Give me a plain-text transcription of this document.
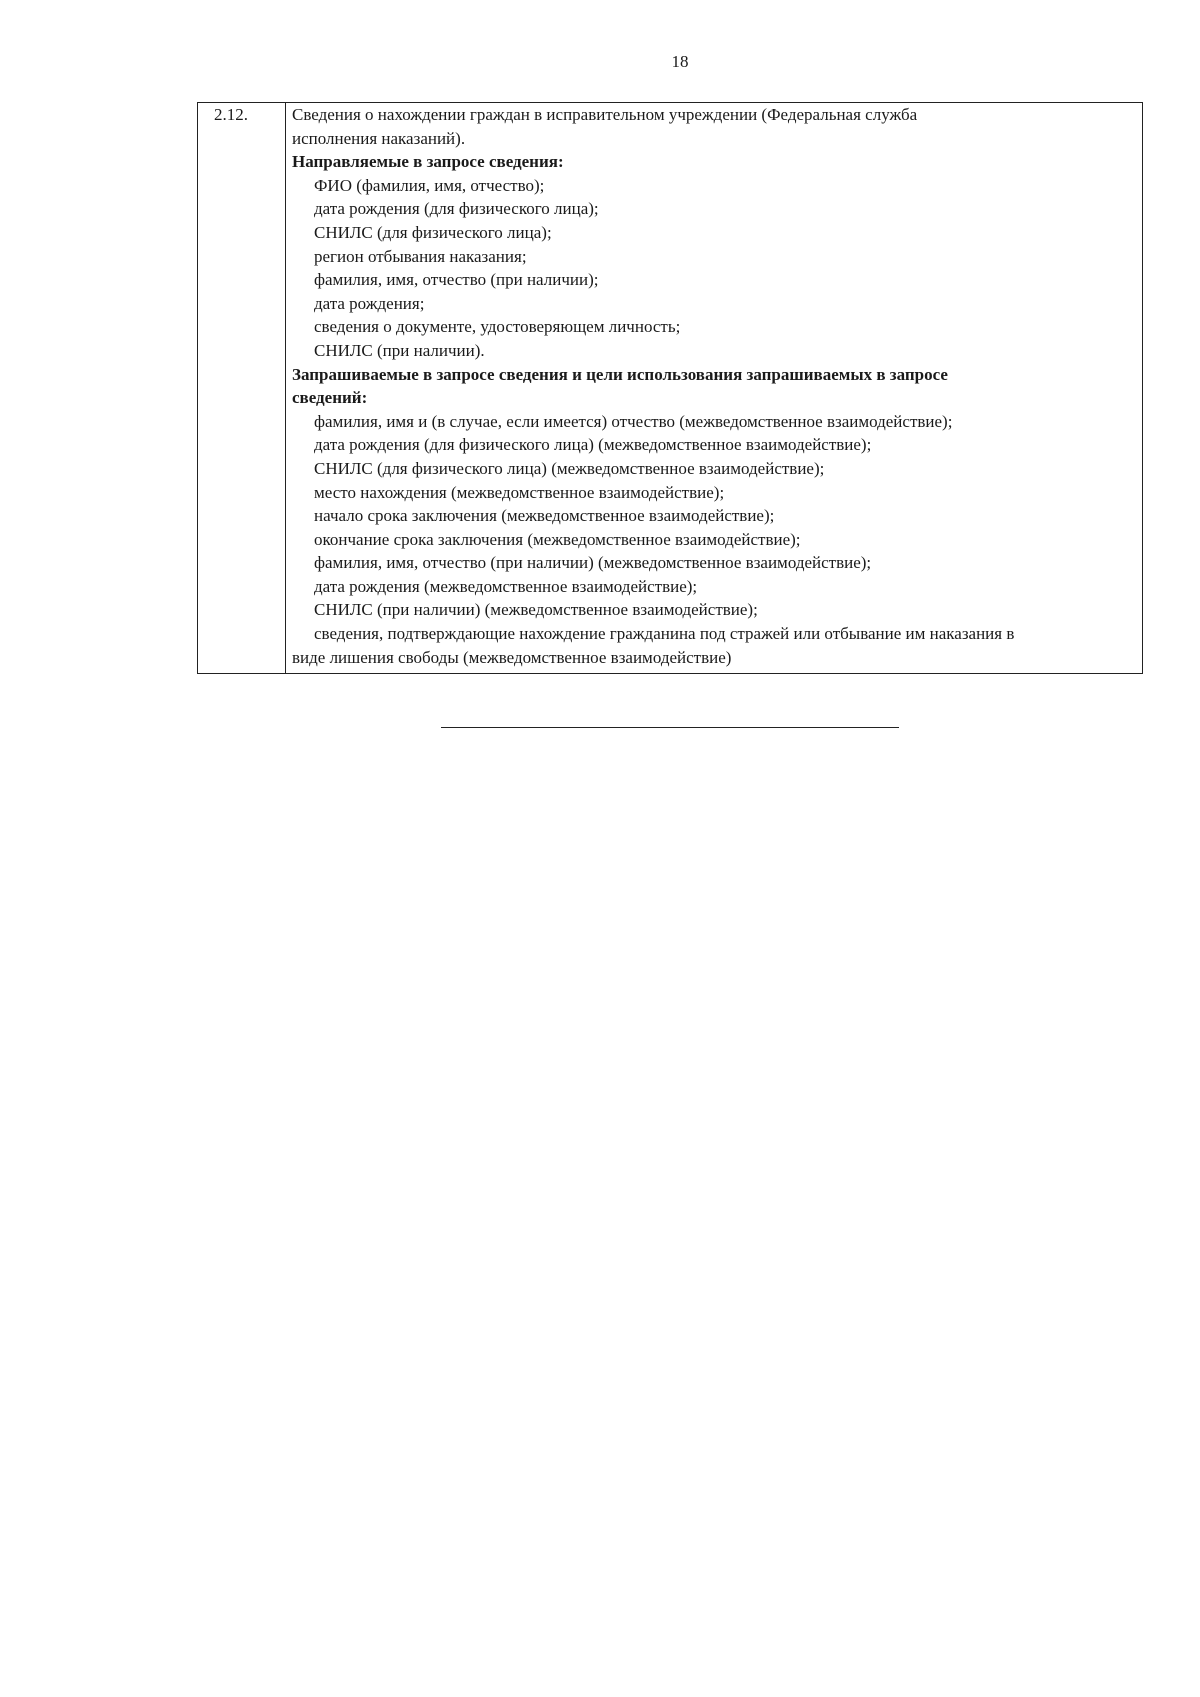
18
2.12.	Сведения о нахождении граждан в исправительном учреждении (Федеральная служба
исполнения наказаний).
Направляемые в запросе сведения:
ФИО (фамилия, имя, отчество);
дата рождения (для физического лица);
СНИЛС (для физического лица);
регион отбывания наказания;
фамилия, имя, отчество (при наличии);
дата рождения;
сведения о документе, удостоверяющем личность;
СНИЛС (при наличии).
Запрашиваемые в запросе сведения и цели использования запрашиваемых в запросе
сведений:
фамилия, имя и (в случае, если имеется) отчество (межведомственное взаимодействие);
дата рождения (для физического лица) (межведомственное взаимодействие);
СНИЛС (для физического лица) (межведомственное взаимодействие);
место нахождения (межведомственное взаимодействие);
начало срока заключения (межведомственное взаимодействие);
окончание срока заключения (межведомственное взаимодействие);
фамилия, имя, отчество (при наличии) (межведомственное взаимодействие);
дата рождения (межведомственное взаимодействие);
СНИЛС (при наличии) (межведомственное взаимодействие);
сведения, подтверждающие нахождение гражданина под стражей или отбывание им наказания в
виде лишения свободы (межведомственное взаимодействие)
